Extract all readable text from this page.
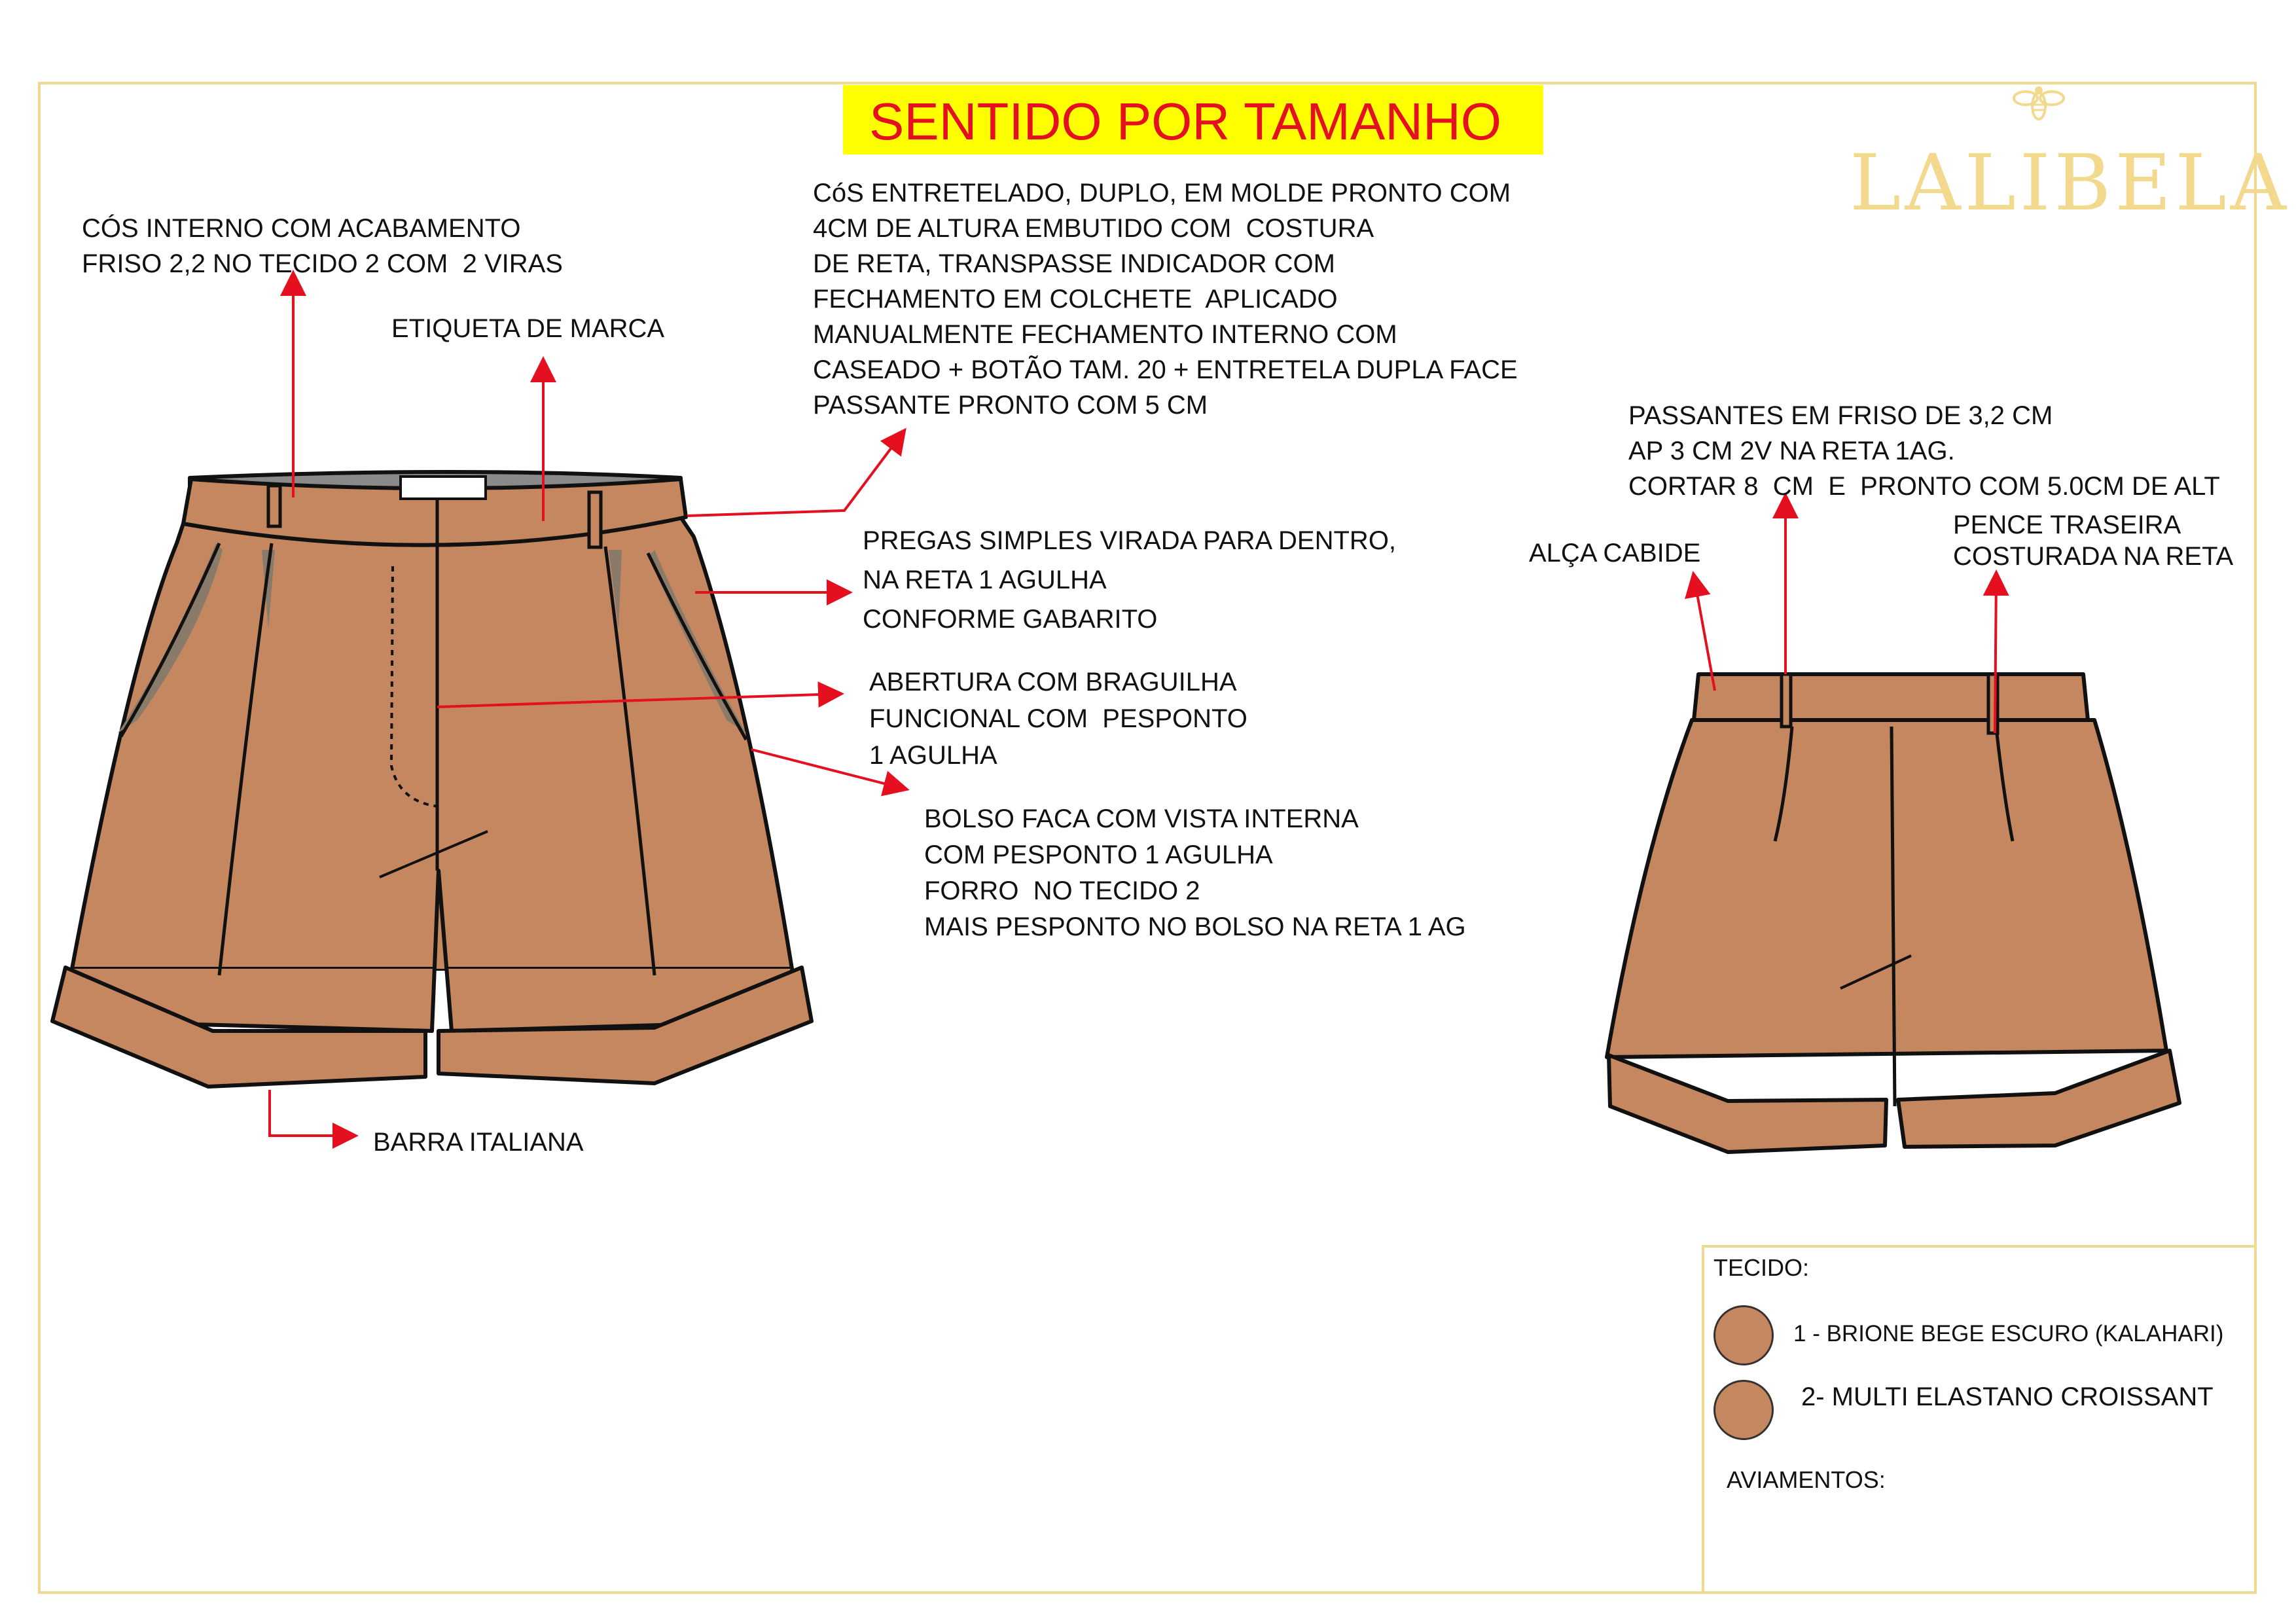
SENTIDO POR TAMANHO
LALIBELA
CÓS INTERNO COM ACABAMENTO
FRISO 2,2 NO TECIDO 2 COM  2 VIRAS
ETIQUETA DE MARCA
CóS ENTRETELADO, DUPLO, EM MOLDE PRONTO COM
4CM DE ALTURA EMBUTIDO COM  COSTURA
DE RETA, TRANSPASSE INDICADOR COM
FECHAMENTO EM COLCHETE  APLICADO
MANUALMENTE FECHAMENTO INTERNO COM
CASEADO + BOTÃO TAM. 20 + ENTRETELA DUPLA FACE
PASSANTE PRONTO COM 5 CM
PREGAS SIMPLES VIRADA PARA DENTRO,
NA RETA 1 AGULHA
CONFORME GABARITO
ABERTURA COM BRAGUILHA
FUNCIONAL COM  PESPONTO
1 AGULHA
BOLSO FACA COM VISTA INTERNA
COM PESPONTO 1 AGULHA
FORRO  NO TECIDO 2
MAIS PESPONTO NO BOLSO NA RETA 1 AG
BARRA ITALIANA
PASSANTES EM FRISO DE 3,2 CM
AP 3 CM 2V NA RETA 1AG.
CORTAR 8  CM  E  PRONTO COM 5.0CM DE ALT
ALÇA CABIDE
PENCE TRASEIRA
COSTURADA NA RETA
TECIDO:
1 - BRIONE BEGE ESCURO (KALAHARI)
2- MULTI ELASTANO CROISSANT
AVIAMENTOS:
